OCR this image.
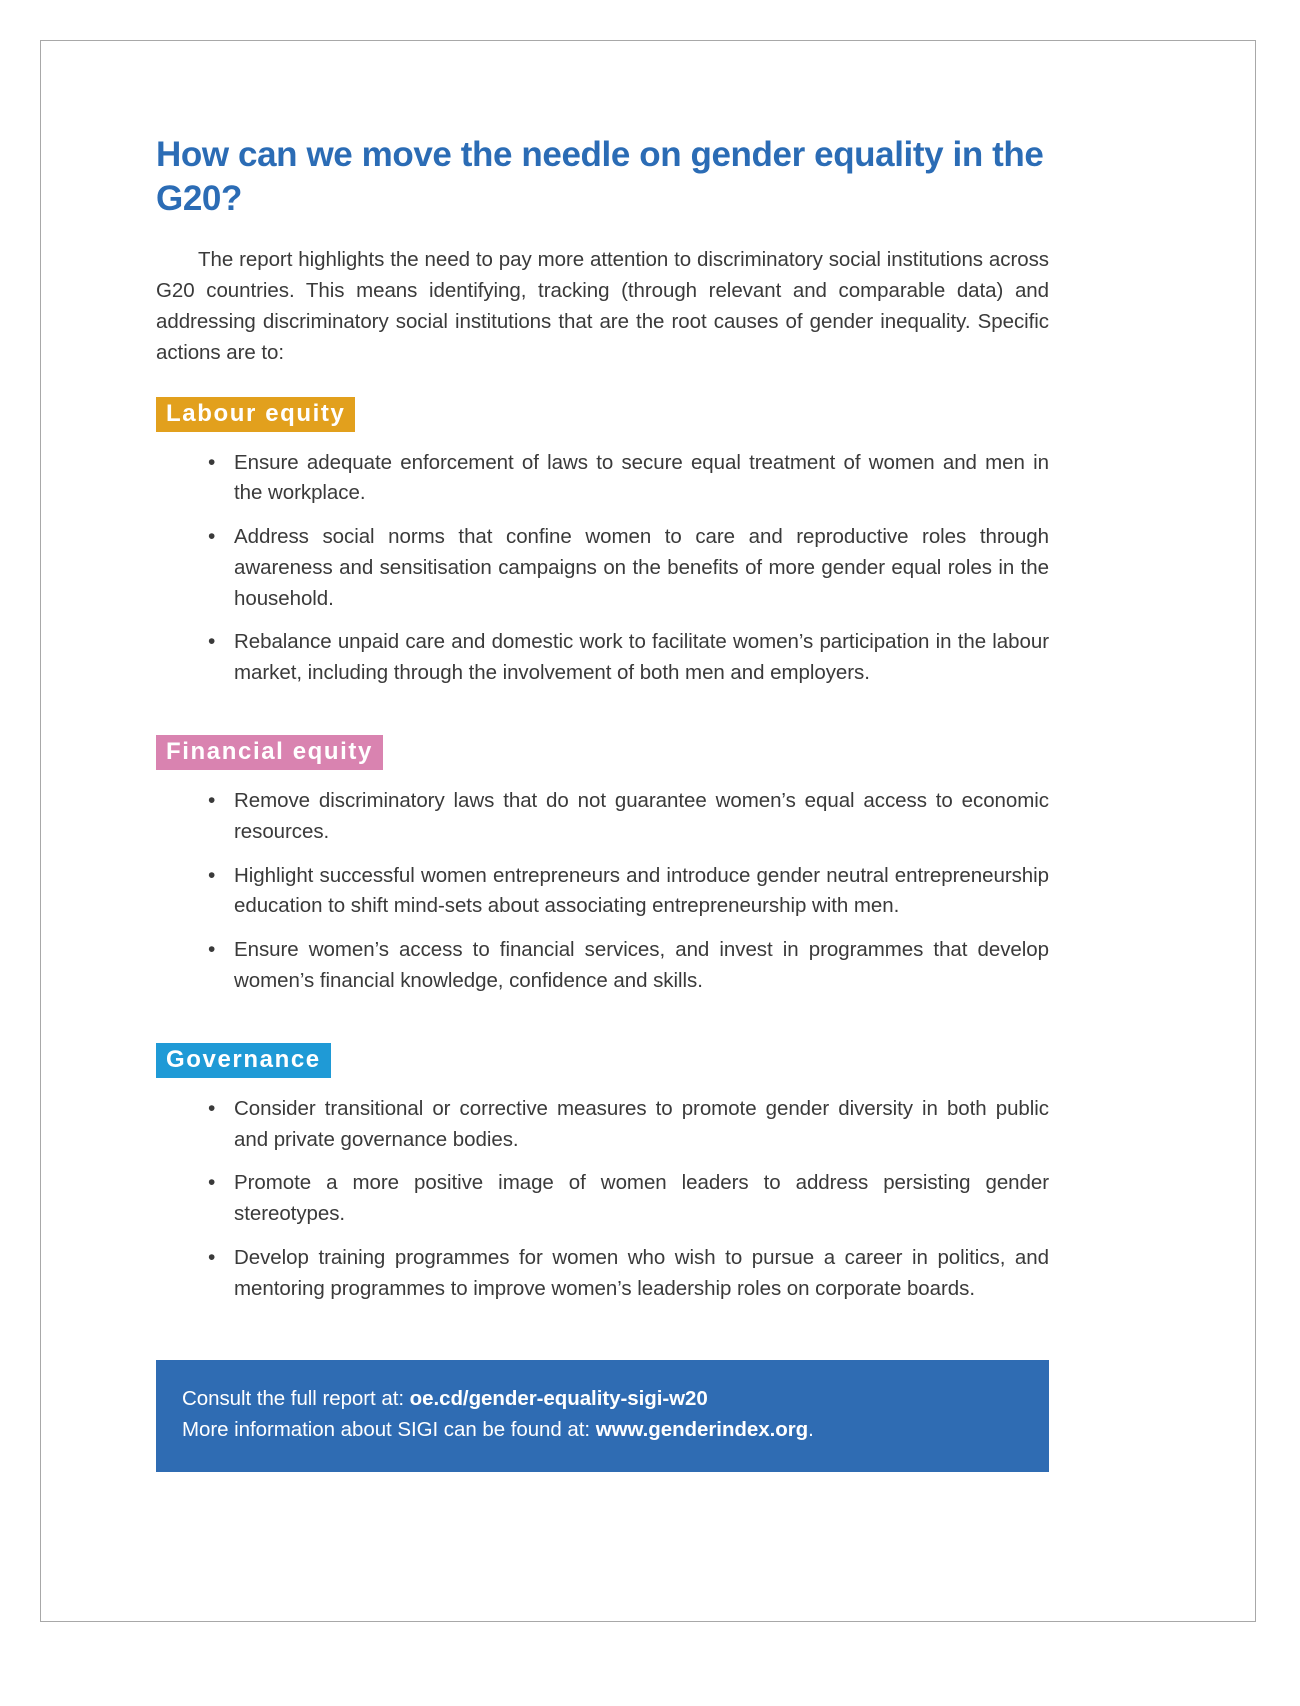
How can we move the needle on gender equality in the G20?

The report highlights the need to pay more attention to discriminatory social institutions across G20 countries. This means identifying, tracking (through relevant and comparable data) and addressing discriminatory social institutions that are the root causes of gender inequality. Specific actions are to:

Labour equity
• Ensure adequate enforcement of laws to secure equal treatment of women and men in the workplace.
• Address social norms that confine women to care and reproductive roles through awareness and sensitisation campaigns on the benefits of more gender equal roles in the household.
• Rebalance unpaid care and domestic work to facilitate women’s participation in the labour market, including through the involvement of both men and employers.
Financial equity
• Remove discriminatory laws that do not guarantee women’s equal access to economic resources.
• Highlight successful women entrepreneurs and introduce gender neutral entrepreneurship education to shift mind-sets about associating entrepreneurship with men.
• Ensure women’s access to financial services, and invest in programmes that develop women’s financial knowledge, confidence and skills.
Governance
• Consider transitional or corrective measures to promote gender diversity in both public and private governance bodies.
• Promote a more positive image of women leaders to address persisting gender stereotypes.
• Develop training programmes for women who wish to pursue a career in politics, and mentoring programmes to improve women’s leadership roles on corporate boards.
Consult the full report at: oe.cd/gender-equality-sigi-w20
More information about SIGI can be found at: www.genderindex.org.
